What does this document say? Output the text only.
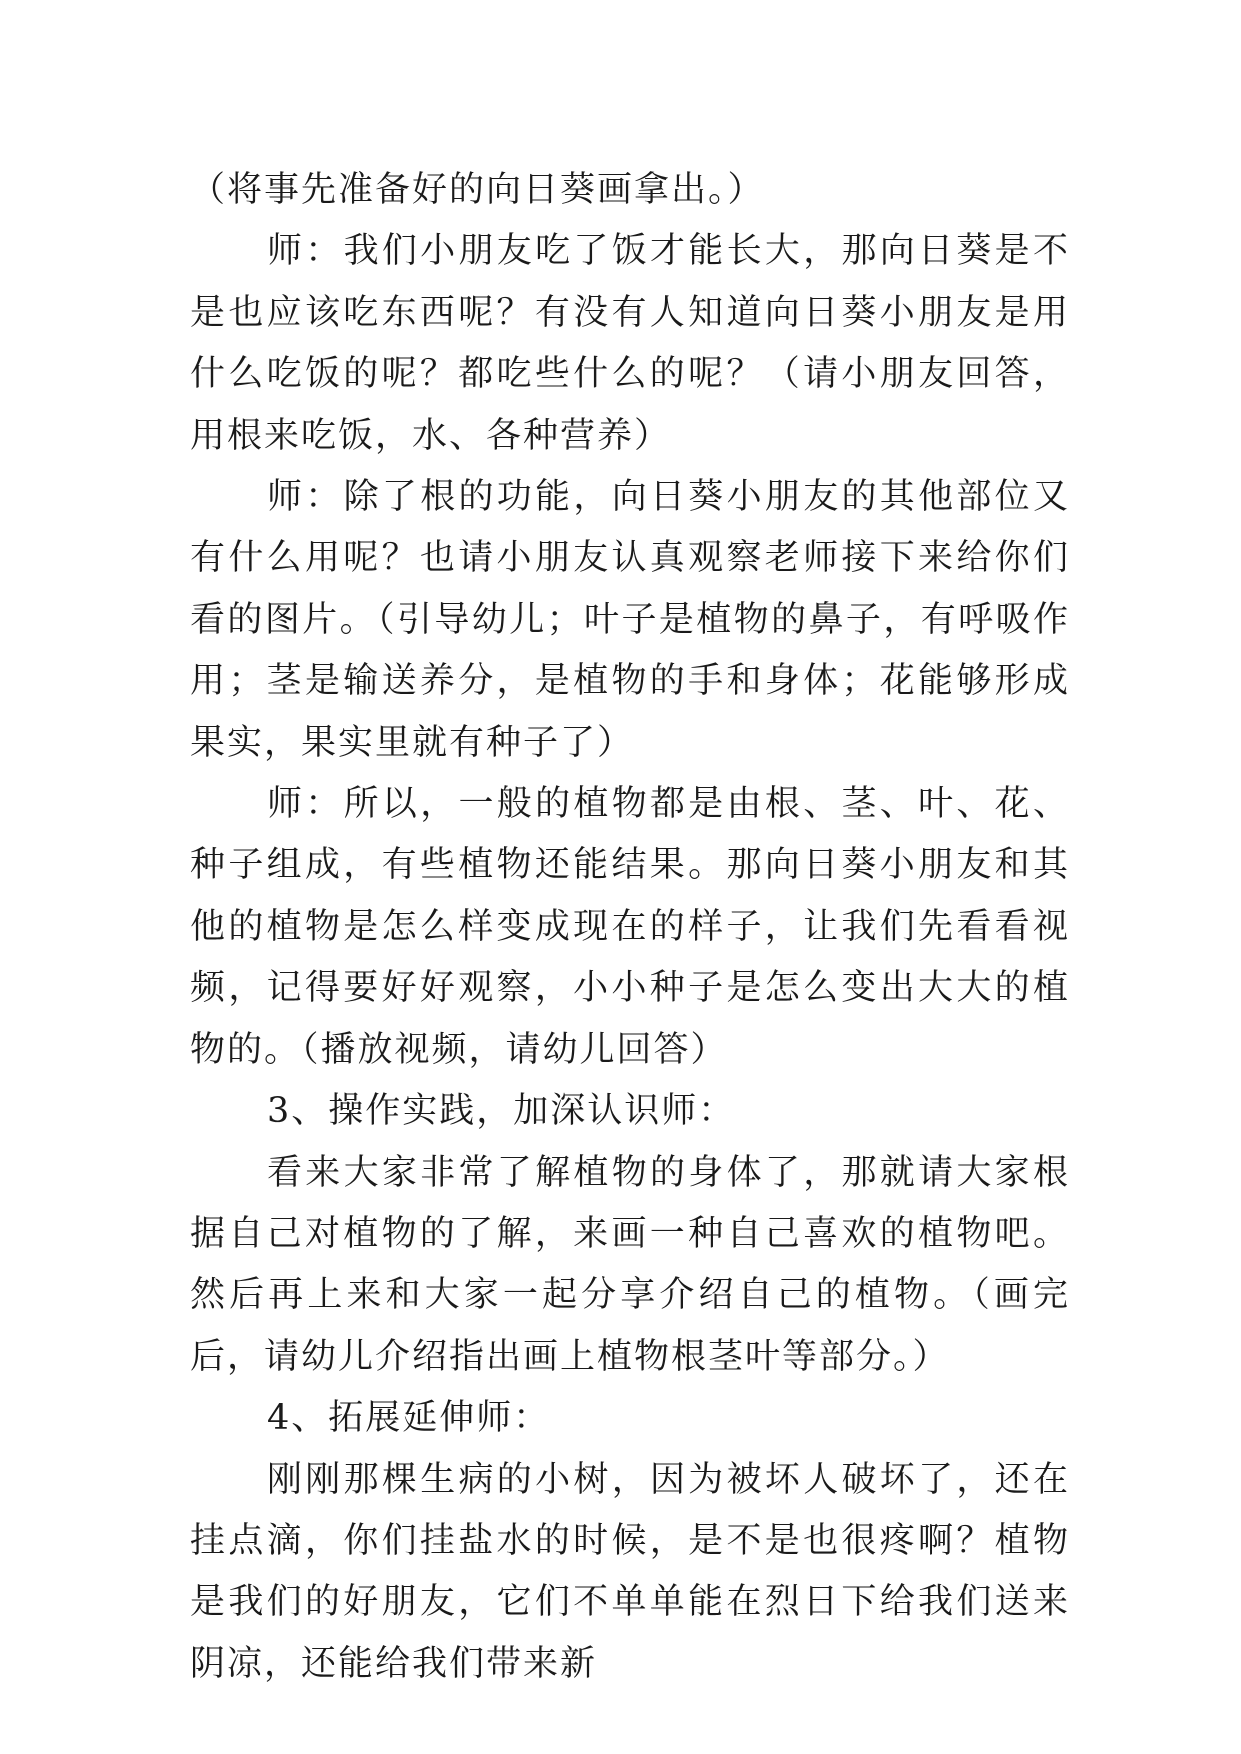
（将事先准备好的向日葵画拿出。）

师：我们小朋友吃了饭才能长大，那向日葵是不是也应该吃东西呢？有没有人知道向日葵小朋友是用什么吃饭的呢？都吃些什么的呢？（请小朋友回答，用根来吃饭，水、各种营养）

师：除了根的功能，向日葵小朋友的其他部位又有什么用呢？也请小朋友认真观察老师接下来给你们看的图片。（引导幼儿；叶子是植物的鼻子，有呼吸作用；茎是输送养分，是植物的手和身体；花能够形成果实，果实里就有种子了）

师：所以，一般的植物都是由根、茎、叶、花、种子组成，有些植物还能结果。那向日葵小朋友和其他的植物是怎么样变成现在的样子，让我们先看看视频，记得要好好观察，小小种子是怎么变出大大的植物的。（播放视频，请幼儿回答）

3、操作实践，加深认识师：

看来大家非常了解植物的身体了，那就请大家根据自己对植物的了解，来画一种自己喜欢的植物吧。然后再上来和大家一起分享介绍自己的植物。（画完后，请幼儿介绍指出画上植物根茎叶等部分。）

4、拓展延伸师：

刚刚那棵生病的小树，因为被坏人破坏了，还在挂点滴，你们挂盐水的时候，是不是也很疼啊？植物是我们的好朋友，它们不单单能在烈日下给我们送来阴凉，还能给我们带来新
